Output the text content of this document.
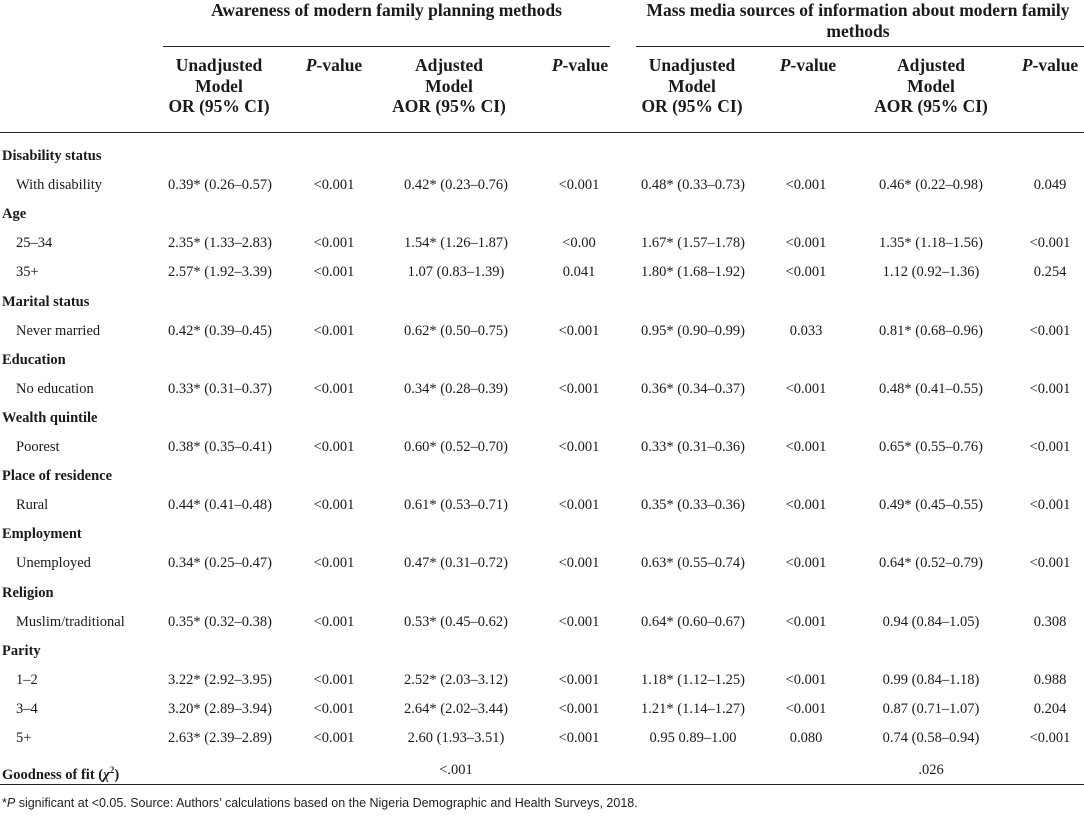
Awareness of modern family planning methods	Mass media sources of information about modern family methods
Unadjusted
Model
OR (95% CI)
P-value	Adjusted
Model
AOR (95% CI)
P-value	Unadjusted
Model
OR (95% CI)
P-value	Adjusted
Model
AOR (95% CI)
P-value
Disability status
With disability	0.39* (0.26–0.57)	<0.001	0.42* (0.23–0.76)	<0.001	0.48* (0.33–0.73)	<0.001	0.46* (0.22–0.98)	0.049
Age
25–34	2.35* (1.33–2.83)	<0.001	1.54* (1.26–1.87)	<0.00	1.67* (1.57–1.78)	<0.001	1.35* (1.18–1.56)	<0.001
35+	2.57* (1.92–3.39)	<0.001	1.07 (0.83–1.39)	0.041	1.80* (1.68–1.92)	<0.001	1.12 (0.92–1.36)	0.254
Marital status
Never married	0.42* (0.39–0.45)	<0.001	0.62* (0.50–0.75)	<0.001	0.95* (0.90–0.99)	0.033	0.81* (0.68–0.96)	<0.001
Education
No education	0.33* (0.31–0.37)	<0.001	0.34* (0.28–0.39)	<0.001	0.36* (0.34–0.37)	<0.001	0.48* (0.41–0.55)	<0.001
Wealth quintile
Poorest	0.38* (0.35–0.41)	<0.001	0.60* (0.52–0.70)	<0.001	0.33* (0.31–0.36)	<0.001	0.65* (0.55–0.76)	<0.001
Place of residence
Rural	0.44* (0.41–0.48)	<0.001	0.61* (0.53–0.71)	<0.001	0.35* (0.33–0.36)	<0.001	0.49* (0.45–0.55)	<0.001
Employment
Unemployed	0.34* (0.25–0.47)	<0.001	0.47* (0.31–0.72)	<0.001	0.63* (0.55–0.74)	<0.001	0.64* (0.52–0.79)	<0.001
Religion
Muslim/traditional	0.35* (0.32–0.38)	<0.001	0.53* (0.45–0.62)	<0.001	0.64* (0.60–0.67)	<0.001	0.94 (0.84–1.05)	0.308
Parity
1–2	3.22* (2.92–3.95)	<0.001	2.52* (2.03–3.12)	<0.001	1.18* (1.12–1.25)	<0.001	0.99 (0.84–1.18)	0.988
3–4	3.20* (2.89–3.94)	<0.001	2.64* (2.02–3.44)	<0.001	1.21* (1.14–1.27)	<0.001	0.87 (0.71–1.07)	0.204
5+	2.63* (2.39–2.89)	<0.001	2.60 (1.93–3.51)	<0.001	0.95 0.89–1.00	0.080	0.74 (0.58–0.94)	<0.001
Goodness of fit $(\chi^2)$	<.001	.026
*P significant at <0.05. Source: Authors’ calculations based on the Nigeria Demographic and Health Surveys, 2018.
